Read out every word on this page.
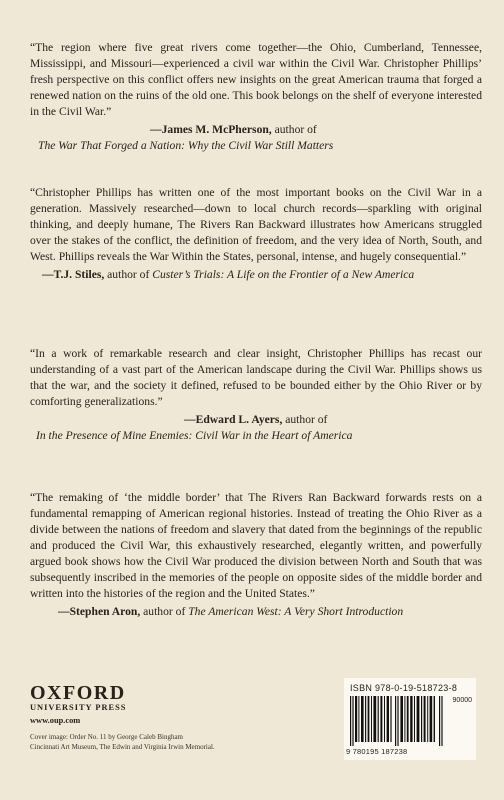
“The region where five great rivers come together—the Ohio, Cumberland, Tennessee, Mississippi, and Missouri—experienced a civil war within the Civil War. Christopher Phillips’ fresh perspective on this conflict offers new insights on the great American trauma that forged a renewed nation on the ruins of the old one. This book belongs on the shelf of everyone interested in the Civil War.”

—James M. McPherson, author of
The War That Forged a Nation: Why the Civil War Still Matters

“Christopher Phillips has written one of the most important books on the Civil War in a generation. Massively researched—down to local church records—sparkling with original thinking, and deeply humane, The Rivers Ran Backward illustrates how Americans struggled over the stakes of the conflict, the definition of freedom, and the very idea of North, South, and West. Phillips reveals the War Within the States, personal, intense, and hugely consequential.”

—T.J. Stiles, author of Custer’s Trials: A Life on the Frontier of a New America

“In a work of remarkable research and clear insight, Christopher Phillips has recast our understanding of a vast part of the American landscape during the Civil War. Phillips shows us that the war, and the society it defined, refused to be bounded either by the Ohio River or by comforting generalizations.”

—Edward L. Ayers, author of
In the Presence of Mine Enemies: Civil War in the Heart of America

“The remaking of ‘the middle border’ that The Rivers Ran Backward forwards rests on a fundamental remapping of American regional histories. Instead of treating the Ohio River as a divide between the nations of freedom and slavery that dated from the beginnings of the republic and produced the Civil War, this exhaustively researched, elegantly written, and powerfully argued book shows how the Civil War produced the division between North and South that was subsequently inscribed in the memories of the people on opposite sides of the middle border and written into the histories of the region and the United States.”

—Stephen Aron, author of The American West: A Very Short Introduction
OXFORD
UNIVERSITY PRESS
www.oup.com
Cover image: Order No. 11 by George Caleb Bingham
Cincinnati Art Museum, The Edwin and Virginia Irwin Memorial.
ISBN 978-0-19-518723-8
90000
9 780195 187238
